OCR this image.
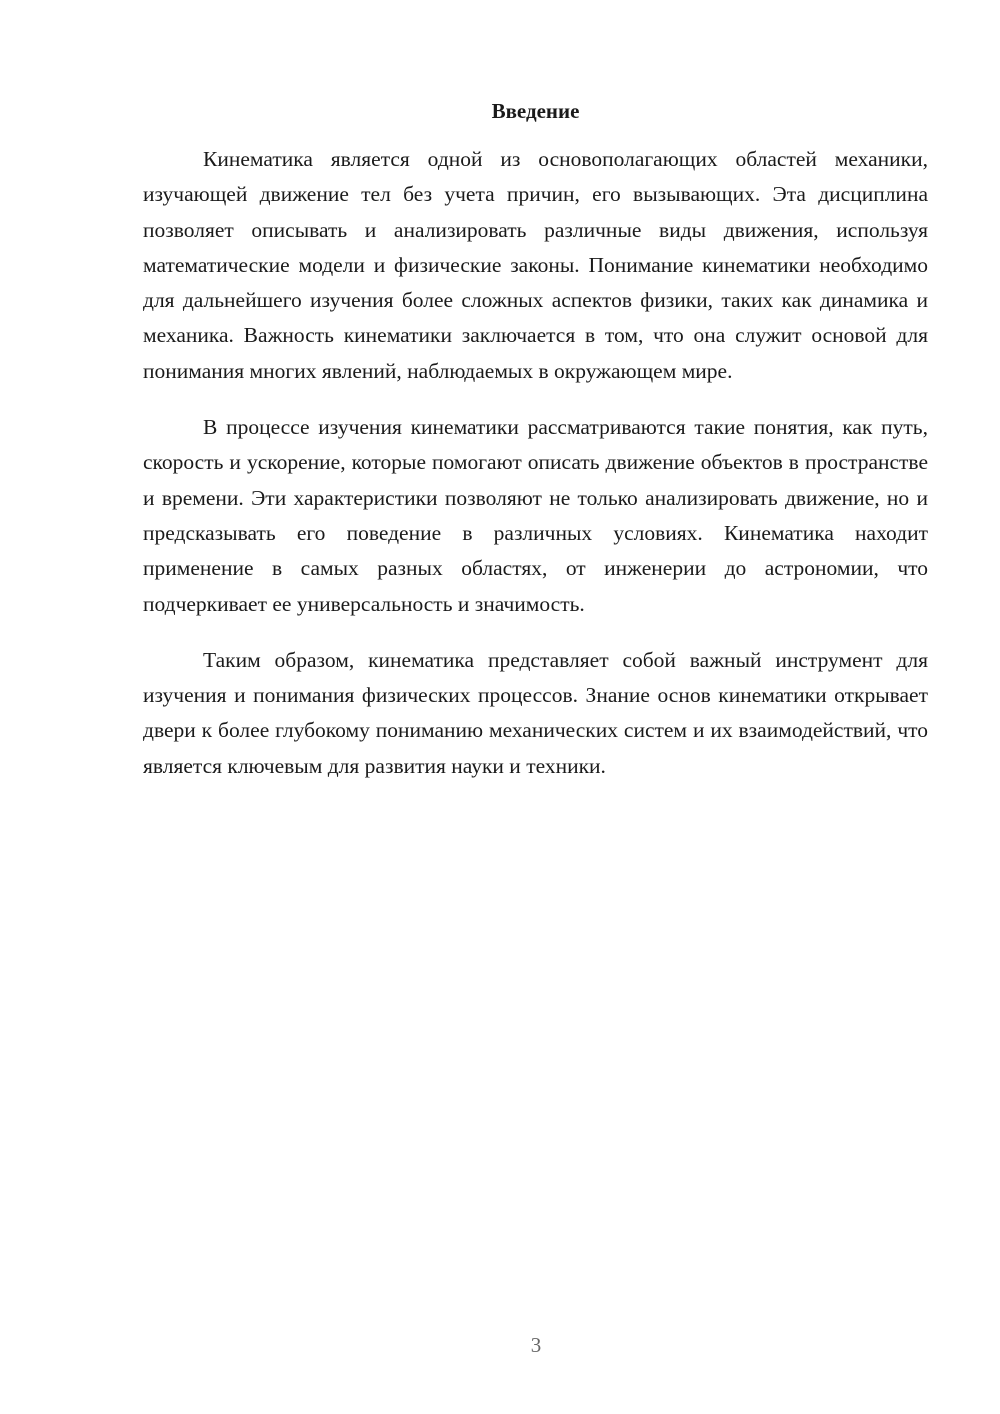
Введение

Кинематика является одной из основополагающих областей механики, изучающей движение тел без учета причин, его вызывающих. Эта дисциплина позволяет описывать и анализировать различные виды движения, используя математические модели и физические законы. Понимание кинематики необходимо для дальнейшего изучения более сложных аспектов физики, таких как динамика и механика. Важность кинематики заключается в том, что она служит основой для понимания многих явлений, наблюдаемых в окружающем мире.

В процессе изучения кинематики рассматриваются такие понятия, как путь, скорость и ускорение, которые помогают описать движение объектов в пространстве и времени. Эти характеристики позволяют не только анализировать движение, но и предсказывать его поведение в различных условиях. Кинематика находит применение в самых разных областях, от инженерии до астрономии, что подчеркивает ее универсальность и значимость.

Таким образом, кинематика представляет собой важный инструмент для изучения и понимания физических процессов. Знание основ кинематики открывает двери к более глубокому пониманию механических систем и их взаимодействий, что является ключевым для развития науки и техники.

3
